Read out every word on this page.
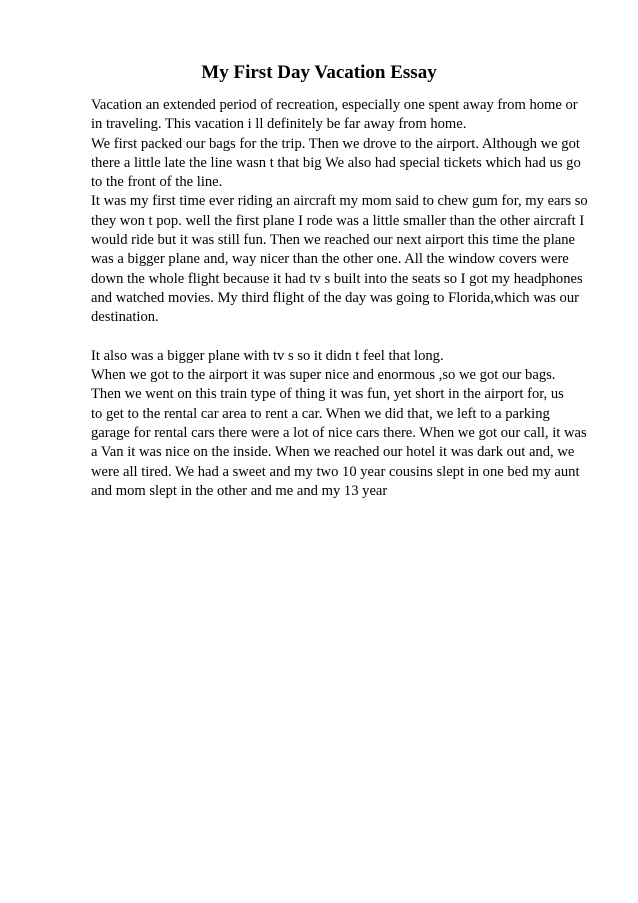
My First Day Vacation Essay
Vacation an extended period of recreation, especially one spent away from home or
in traveling. This vacation i ll definitely be far away from home.
We first packed our bags for the trip. Then we drove to the airport. Although we got
there a little late the line wasn t that big We also had special tickets which had us go
to the front of the line.
It was my first time ever riding an aircraft my mom said to chew gum for, my ears so
they won t pop. well the first plane I rode was a little smaller than the other aircraft I
would ride but it was still fun. Then we reached our next airport this time the plane
was a bigger plane and, way nicer than the other one. All the window covers were
down the whole flight because it had tv s built into the seats so I got my headphones
and watched movies. My third flight of the day was going to Florida,which was our
destination.
It also was a bigger plane with tv s so it didn t feel that long.
When we got to the airport it was super nice and enormous ,so we got our bags.
Then we went on this train type of thing it was fun, yet short in the airport for, us
to get to the rental car area to rent a car. When we did that, we left to a parking
garage for rental cars there were a lot of nice cars there. When we got our call, it was
a Van it was nice on the inside. When we reached our hotel it was dark out and, we
were all tired. We had a sweet and my two 10 year cousins slept in one bed my aunt
and mom slept in the other and me and my 13 year
